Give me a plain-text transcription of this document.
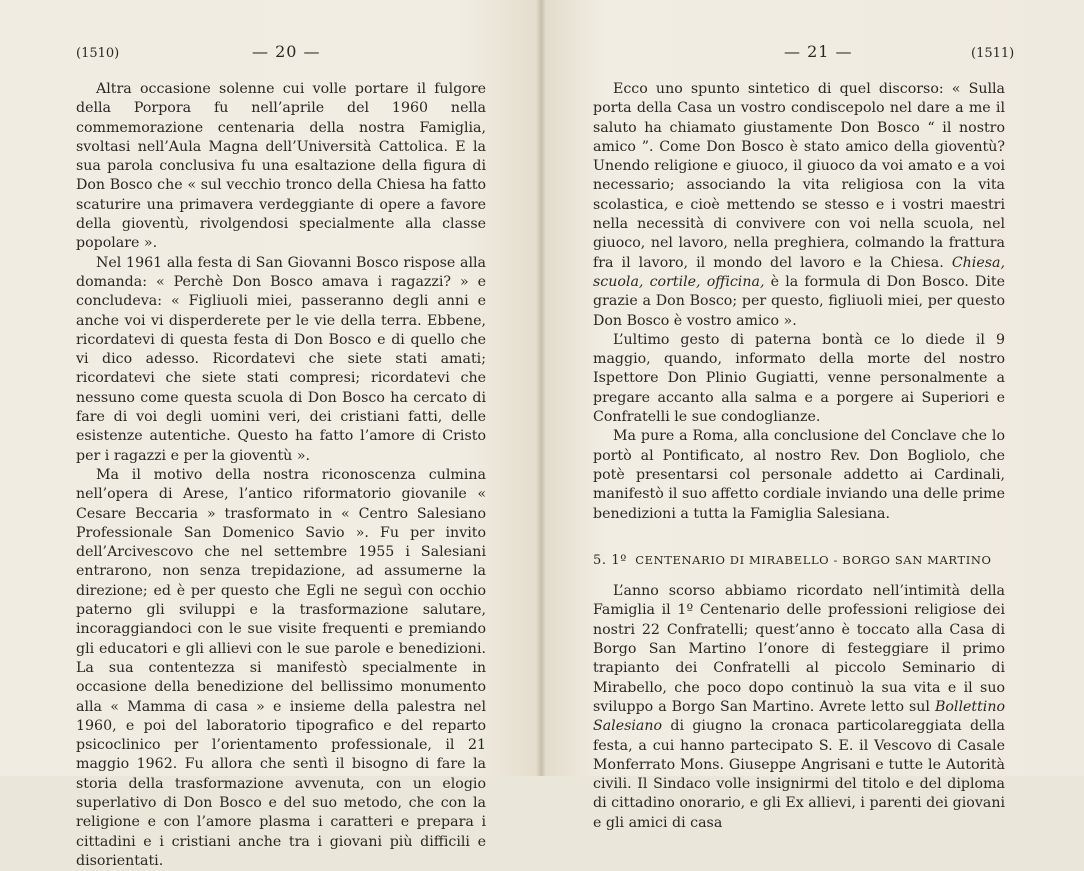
(1510)	— 20 —

Altra occasione solenne cui volle portare il fulgore della Porpora fu nell’aprile del 1960 nella commemorazione centenaria della nostra Famiglia, svoltasi nell’Aula Magna dell’Università Cattolica. E la sua parola conclusiva fu una esaltazione della figura di Don Bosco che « sul vecchio tronco della Chiesa ha fatto scaturire una primavera verdeggiante di opere a favore della gioventù, rivolgendosi specialmente alla classe popolare ».

Nel 1961 alla festa di San Giovanni Bosco rispose alla domanda: « Perchè Don Bosco amava i ragazzi? » e concludeva: « Figliuoli miei, passeranno degli anni e anche voi vi disperderete per le vie della terra. Ebbene, ricordatevi di questa festa di Don Bosco e di quello che vi dico adesso. Ricordatevi che siete stati amati; ricordatevi che siete stati compresi; ricordatevi che nessuno come questa scuola di Don Bosco ha cercato di fare di voi degli uomini veri, dei cristiani fatti, delle esistenze autentiche. Questo ha fatto l’amore di Cristo per i ragazzi e per la gioventù ».

Ma il motivo della nostra riconoscenza culmina nell’opera di Arese, l’antico riformatorio giovanile « Cesare Beccaria » trasformato in « Centro Salesiano Professionale San Domenico Savio ». Fu per invito dell’Arcivescovo che nel settembre 1955 i Salesiani entrarono, non senza trepidazione, ad assumerne la direzione; ed è per questo che Egli ne seguì con occhio paterno gli sviluppi e la trasformazione salutare, incoraggiandoci con le sue visite frequenti e premiando gli educatori e gli allievi con le sue parole e benedizioni. La sua contentezza si manifestò specialmente in occasione della benedizione del bellissimo monumento alla « Mamma di casa » e insieme della palestra nel 1960, e poi del laboratorio tipografico e del reparto psicoclinico per l’orientamento professionale, il 21 maggio 1962. Fu allora che sentì il bisogno di fare la storia della trasformazione avvenuta, con un elogio superlativo di Don Bosco e del suo metodo, che con la religione e con l’amore plasma i caratteri e prepara i cittadini e i cristiani anche tra i giovani più difficili e disorientati.

— 21 —	(1511)

Ecco uno spunto sintetico di quel discorso: « Sulla porta della Casa un vostro condiscepolo nel dare a me il saluto ha chiamato giustamente Don Bosco “ il nostro amico ”. Come Don Bosco è stato amico della gioventù? Unendo religione e giuoco, il giuoco da voi amato e a voi necessario; associando la vita religiosa con la vita scolastica, e cioè mettendo se stesso e i vostri maestri nella necessità di convivere con voi nella scuola, nel giuoco, nel lavoro, nella preghiera, colmando la frattura fra il lavoro, il mondo del lavoro e la Chiesa. Chiesa, scuola, cortile, officina, è la formula di Don Bosco. Dite grazie a Don Bosco; per questo, figliuoli miei, per questo Don Bosco è vostro amico ».

L’ultimo gesto di paterna bontà ce lo diede il 9 maggio, quando, informato della morte del nostro Ispettore Don Plinio Gugiatti, venne personalmente a pregare accanto alla salma e a porgere ai Superiori e Confratelli le sue condoglianze.

Ma pure a Roma, alla conclusione del Conclave che lo portò al Pontificato, al nostro Rev. Don Bogliolo, che potè presentarsi col personale addetto ai Cardinali, manifestò il suo affetto cordiale inviando una delle prime benedizioni a tutta la Famiglia Salesiana.

5. 1º CENTENARIO DI MIRABELLO - BORGO SAN MARTINO

L’anno scorso abbiamo ricordato nell’intimità della Famiglia il 1º Centenario delle professioni religiose dei nostri 22 Confratelli; quest’anno è toccato alla Casa di Borgo San Martino l’onore di festeggiare il primo trapianto dei Confratelli al piccolo Seminario di Mirabello, che poco dopo continuò la sua vita e il suo sviluppo a Borgo San Martino. Avrete letto sul Bollettino Salesiano di giugno la cronaca particolareggiata della festa, a cui hanno partecipato S. E. il Vescovo di Casale Monferrato Mons. Giuseppe Angrisani e tutte le Autorità civili. Il Sindaco volle insignirmi del titolo e del diploma di cittadino onorario, e gli Ex allievi, i parenti dei giovani e gli amici di casa
